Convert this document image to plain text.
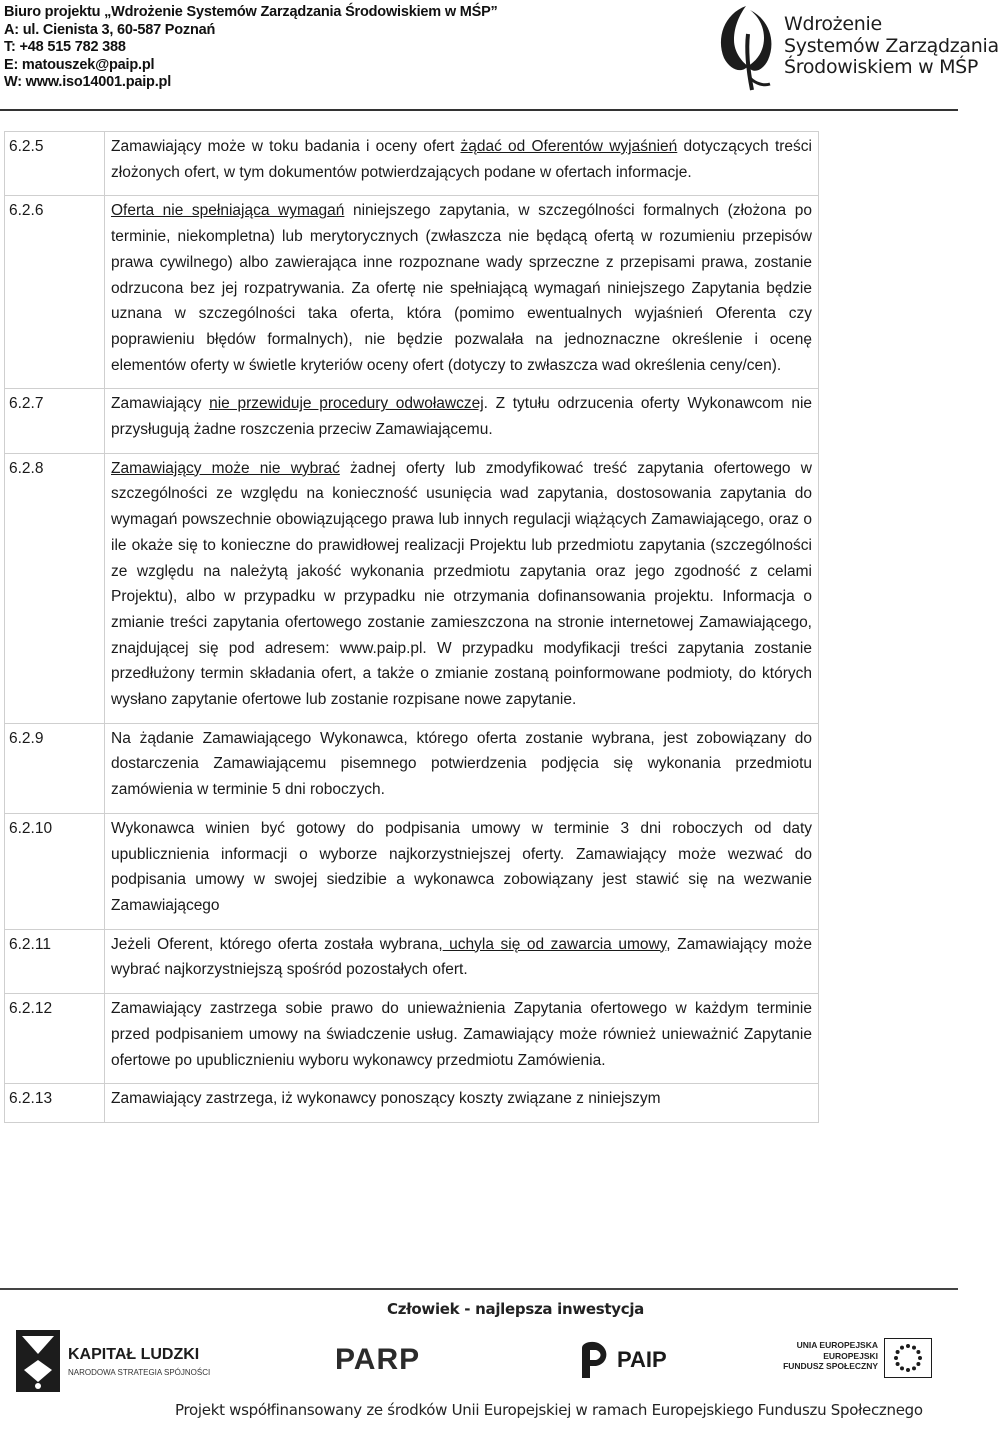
Biuro projektu „Wdrożenie Systemów Zarządzania Środowiskiem w MŚP”
A: ul. Cienista 3, 60-587 Poznań
T: +48 515 782 388
E: matouszek@paip.pl
W: www.iso14001.paip.pl
Wdrożenie
Systemów Zarządzania
Środowiskiem w MŚP
6.2.5	Zamawiający może w toku badania i oceny ofert żądać od Oferentów wyjaśnień dotyczących treści złożonych ofert, w tym dokumentów potwierdzających podane w ofertach informacje.
6.2.6	Oferta nie spełniająca wymagań niniejszego zapytania, w szczególności formalnych (złożona po terminie, niekompletna) lub merytorycznych (zwłaszcza nie będącą ofertą w rozumieniu przepisów prawa cywilnego) albo zawierająca inne rozpoznane wady sprzeczne z przepisami prawa, zostanie odrzucona bez jej rozpatrywania. Za ofertę nie spełniającą wymagań niniejszego Zapytania będzie uznana w szczególności taka oferta, która (pomimo ewentualnych wyjaśnień Oferenta czy poprawieniu błędów formalnych), nie będzie pozwalała na jednoznaczne określenie i ocenę elementów oferty w świetle kryteriów oceny ofert (dotyczy to zwłaszcza wad określenia ceny/cen).
6.2.7	Zamawiający nie przewiduje procedury odwoławczej. Z tytułu odrzucenia oferty Wykonawcom nie przysługują żadne roszczenia przeciw Zamawiającemu.
6.2.8	Zamawiający może nie wybrać żadnej oferty lub zmodyfikować treść zapytania ofertowego w szczególności ze względu na konieczność usunięcia wad zapytania, dostosowania zapytania do wymagań powszechnie obowiązującego prawa lub innych regulacji wiążących Zamawiającego, oraz o ile okaże się to konieczne do prawidłowej realizacji Projektu lub przedmiotu zapytania (szczególności ze względu na należytą jakość wykonania przedmiotu zapytania oraz jego zgodność z celami Projektu), albo w przypadku w przypadku nie otrzymania dofinansowania projektu. Informacja o zmianie treści zapytania ofertowego zostanie zamieszczona na stronie internetowej Zamawiającego, znajdującej się pod adresem: www.paip.pl. W przypadku modyfikacji treści zapytania zostanie przedłużony termin składania ofert, a także o zmianie zostaną poinformowane podmioty, do których wysłano zapytanie ofertowe lub zostanie rozpisane nowe zapytanie.
6.2.9	Na żądanie Zamawiającego Wykonawca, którego oferta zostanie wybrana, jest zobowiązany do dostarczenia Zamawiającemu pisemnego potwierdzenia podjęcia się wykonania przedmiotu zamówienia w terminie 5 dni roboczych.
6.2.10	Wykonawca winien być gotowy do podpisania umowy w terminie 3 dni roboczych od daty upublicznienia informacji o wyborze najkorzystniejszej oferty. Zamawiający może wezwać do podpisania umowy w swojej siedzibie a wykonawca zobowiązany jest stawić się na wezwanie Zamawiającego
6.2.11	Jeżeli Oferent, którego oferta została wybrana, uchyla się od zawarcia umowy, Zamawiający może wybrać najkorzystniejszą spośród pozostałych ofert.
6.2.12	Zamawiający zastrzega sobie prawo do unieważnienia Zapytania ofertowego w każdym terminie przed podpisaniem umowy na świadczenie usług. Zamawiający może również unieważnić Zapytanie ofertowe po upublicznieniu wyboru wykonawcy przedmiotu Zamówienia.
6.2.13	Zamawiający zastrzega, iż wykonawcy ponoszący koszty związane z niniejszym
Człowiek - najlepsza inwestycja
KAPITAŁ LUDZKI
NARODOWA STRATEGIA SPÓJNOŚCI	PARP	PAIP
UNIA EUROPEJSKA
EUROPEJSKI
FUNDUSZ SPOŁECZNY
Projekt współfinansowany ze środków Unii Europejskiej w ramach Europejskiego Funduszu Społecznego
